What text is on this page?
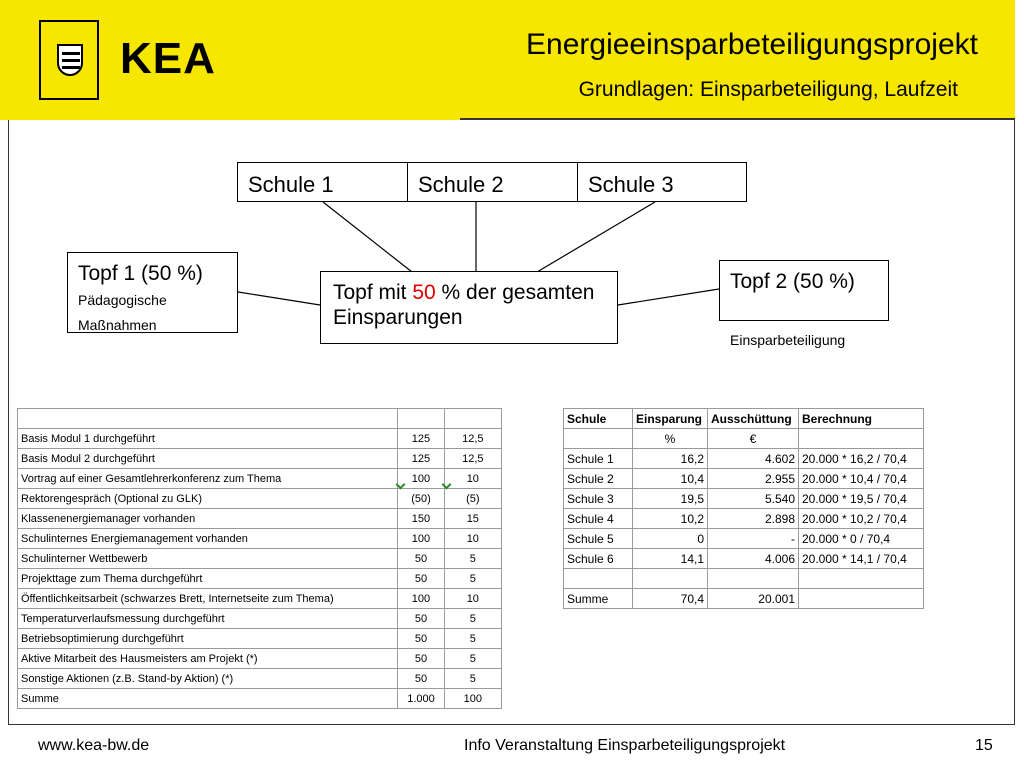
KEA	Energieeinsparbeteiligungsprojekt
Grundlagen: Einsparbeteiligung, Laufzeit
Schule 1	Schule 2	Schule 3
Topf 1 (50 %) Pädagogische Maßnahmen
Topf mit 50 % der gesamten Einsparungen
Topf 2 (50 %)
Einsparbeteiligung

Basis Modul 1 durchgeführt	125	12,5
Basis Modul 2 durchgeführt	125	12,5
Vortrag auf einer Gesamtlehrerkonferenz zum Thema	100	10
Rektorengespräch (Optional zu GLK)	(50)	(5)
Klassenenergiemanager vorhanden	150	15
Schulinternes Energiemanagement vorhanden	100	10
Schulinterner Wettbewerb	50	5
Projekttage zum Thema durchgeführt	50	5
Öffentlichkeitsarbeit (schwarzes Brett, Internetseite zum Thema)	100	10
Temperaturverlaufsmessung durchgeführt	50	5
Betriebsoptimierung durchgeführt	50	5
Aktive Mitarbeit des Hausmeisters am Projekt (*)	50	5
Sonstige Aktionen (z.B. Stand-by Aktion) (*)	50	5
Summe	1.000	100
Schule	Einsparung	Ausschüttung	Berechnung
	%	€	
Schule 1	16,2	4.602	20.000 * 16,2 / 70,4
Schule 2	10,4	2.955	20.000 * 10,4 / 70,4
Schule 3	19,5	5.540	20.000 * 19,5 / 70,4
Schule 4	10,2	2.898	20.000 * 10,2 / 70,4
Schule 5	0	-	20.000 * 0 / 70,4
Schule 6	14,1	4.006	20.000 * 14,1 / 70,4

Summe	70,4	20.001	
www.kea-bw.de	Info Veranstaltung Einsparbeteiligungsprojekt	15
